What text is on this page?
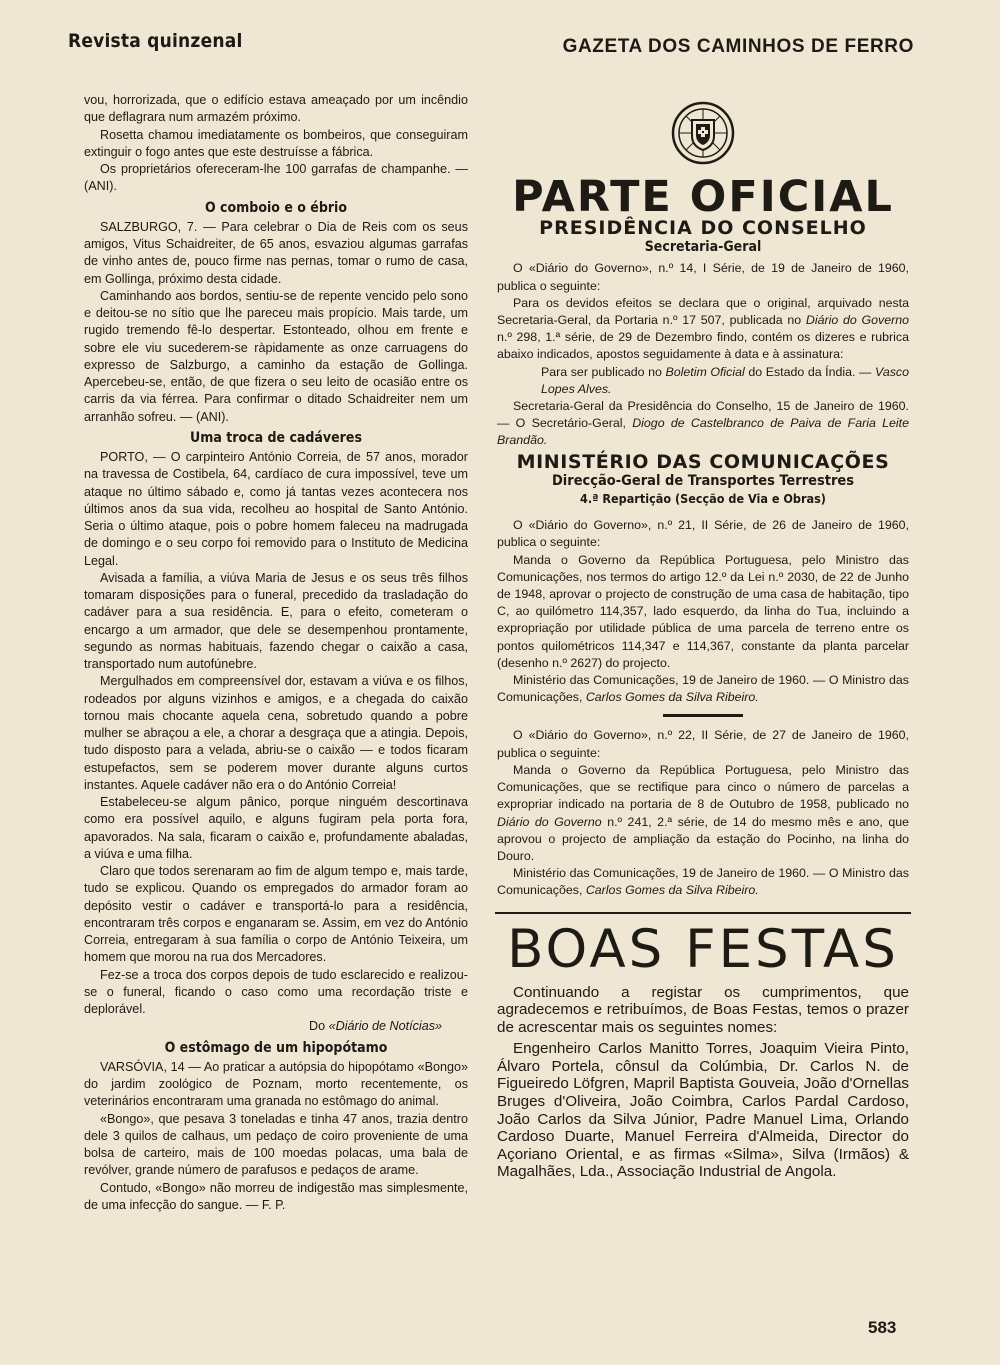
Revista quinzenal	GAZETA DOS CAMINHOS DE FERRO

vou, horrorizada, que o edifício estava ameaçado por um incêndio que deflagrara num armazém próximo.

Rosetta chamou imediatamente os bombeiros, que conseguiram extinguir o fogo antes que este destruísse a fábrica.

Os proprietários ofereceram-lhe 100 garrafas de champanhe. — (ANI).

O comboio e o ébrio

SALZBURGO, 7. — Para celebrar o Dia de Reis com os seus amigos, Vitus Schaidreiter, de 65 anos, esvaziou algumas garrafas de vinho antes de, pouco firme nas pernas, tomar o rumo de casa, em Gollinga, próximo desta cidade.

Caminhando aos bordos, sentiu-se de repente vencido pelo sono e deitou-se no sítio que lhe pareceu mais propício. Mais tarde, um rugido tremendo fê-lo despertar. Estonteado, olhou em frente e sobre ele viu sucederem-se ràpidamente as onze carruagens do expresso de Salzburgo, a caminho da estação de Gollinga. Apercebeu-se, então, de que fizera o seu leito de ocasião entre os carris da via férrea. Para confirmar o ditado Schaidreiter nem um arranhão sofreu. — (ANI).

Uma troca de cadáveres

PORTO, — O carpinteiro António Correia, de 57 anos, morador na travessa de Costibela, 64, cardíaco de cura impossível, teve um ataque no último sábado e, como já tantas vezes acontecera nos últimos anos da sua vida, recolheu ao hospital de Santo António. Seria o último ataque, pois o pobre homem faleceu na madrugada de domingo e o seu corpo foi removido para o Instituto de Medicina Legal.

Avisada a família, a viúva Maria de Jesus e os seus três filhos tomaram disposições para o funeral, precedido da trasladação do cadáver para a sua residência. E, para o efeito, cometeram o encargo a um armador, que dele se desempenhou prontamente, segundo as normas habituais, fazendo chegar o caixão a casa, transportado num autofúnebre.

Mergulhados em compreensível dor, estavam a viúva e os filhos, rodeados por alguns vizinhos e amigos, e a chegada do caixão tornou mais chocante aquela cena, sobretudo quando a pobre mulher se abraçou a ele, a chorar a desgraça que a atingia. Depois, tudo disposto para a velada, abriu-se o caixão — e todos ficaram estupefactos, sem se poderem mover durante alguns curtos instantes. Aquele cadáver não era o do António Correia!

Estabeleceu-se algum pânico, porque ninguém descortinava como era possível aquilo, e alguns fugiram pela porta fora, apavorados. Na sala, ficaram o caixão e, profundamente abaladas, a viúva e uma filha.

Claro que todos serenaram ao fim de algum tempo e, mais tarde, tudo se explicou. Quando os empregados do armador foram ao depósito vestir o cadáver e transportá-lo para a residência, encontraram três corpos e enganaram se. Assim, em vez do António Correia, entregaram à sua família o corpo de António Teixeira, um homem que morou na rua dos Mercadores.

Fez-se a troca dos corpos depois de tudo esclarecido e realizou-se o funeral, ficando o caso como uma recordação triste e deplorável.

Do «Diário de Notícias»

O estômago de um hipopótamo

VARSÓVIA, 14 — Ao praticar a autópsia do hipopótamo «Bongo» do jardim zoológico de Poznam, morto recentemente, os veterinários encontraram uma granada no estômago do animal.

«Bongo», que pesava 3 toneladas e tinha 47 anos, trazia dentro dele 3 quilos de calhaus, um pedaço de coiro proveniente de uma bolsa de carteiro, mais de 100 moedas polacas, uma bala de revólver, grande número de parafusos e pedaços de arame.

Contudo, «Bongo» não morreu de indigestão mas simplesmente, de uma infecção do sangue. — F. P.

PARTE OFICIAL
PRESIDÊNCIA DO CONSELHO
Secretaria-Geral

O «Diário do Governo», n.º 14, I Série, de 19 de Janeiro de 1960, publica o seguinte:

Para os devidos efeitos se declara que o original, arquivado nesta Secretaria-Geral, da Portaria n.º 17 507, publicada no Diário do Governo n.º 298, 1.ª série, de 29 de Dezembro findo, contém os dizeres e rubrica abaixo indicados, apostos seguidamente à data e à assinatura:

Para ser publicado no Boletim Oficial do Estado da Índia. — Vasco Lopes Alves.

Secretaria-Geral da Presidência do Conselho, 15 de Janeiro de 1960. — O Secretário-Geral, Diogo de Castelbranco de Paiva de Faria Leite Brandão.

MINISTÉRIO DAS COMUNICAÇÕES
Direcção-Geral de Transportes Terrestres
4.ª Repartição (Secção de Via e Obras)

O «Diário do Governo», n.º 21, II Série, de 26 de Janeiro de 1960, publica o seguinte:

Manda o Governo da República Portuguesa, pelo Ministro das Comunicações, nos termos do artigo 12.º da Lei n.º 2030, de 22 de Junho de 1948, aprovar o projecto de construção de uma casa de habitação, tipo C, ao quilómetro 114,357, lado esquerdo, da linha do Tua, incluindo a expropriação por utilidade pública de uma parcela de terreno entre os pontos quilométricos 114,347 e 114,367, constante da planta parcelar (desenho n.º 2627) do projecto.

Ministério das Comunicações, 19 de Janeiro de 1960. — O Ministro das Comunicações, Carlos Gomes da Silva Ribeiro.

O «Diário do Governo», n.º 22, II Série, de 27 de Janeiro de 1960, publica o seguinte:

Manda o Governo da República Portuguesa, pelo Ministro das Comunicações, que se rectifique para cinco o número de parcelas a expropriar indicado na portaria de 8 de Outubro de 1958, publicado no Diário do Governo n.º 241, 2.ª série, de 14 do mesmo mês e ano, que aprovou o projecto de ampliação da estação do Pocinho, na linha do Douro.

Ministério das Comunicações, 19 de Janeiro de 1960. — O Ministro das Comunicações, Carlos Gomes da Silva Ribeiro.

BOAS FESTAS

Continuando a registar os cumprimentos, que agradecemos e retribuímos, de Boas Festas, temos o prazer de acrescentar mais os seguintes nomes:

Engenheiro Carlos Manitto Torres, Joaquim Vieira Pinto, Álvaro Portela, cônsul da Colúmbia, Dr. Carlos N. de Figueiredo Löfgren, Mapril Baptista Gouveia, João d'Ornellas Bruges d'Oliveira, João Coimbra, Carlos Pardal Cardoso, João Carlos da Silva Júnior, Padre Manuel Lima, Orlando Cardoso Duarte, Manuel Ferreira d'Almeida, Director do Açoriano Oriental, e as firmas «Silma», Silva (Irmãos) & Magalhães, Lda., Associação Industrial de Angola.

583
